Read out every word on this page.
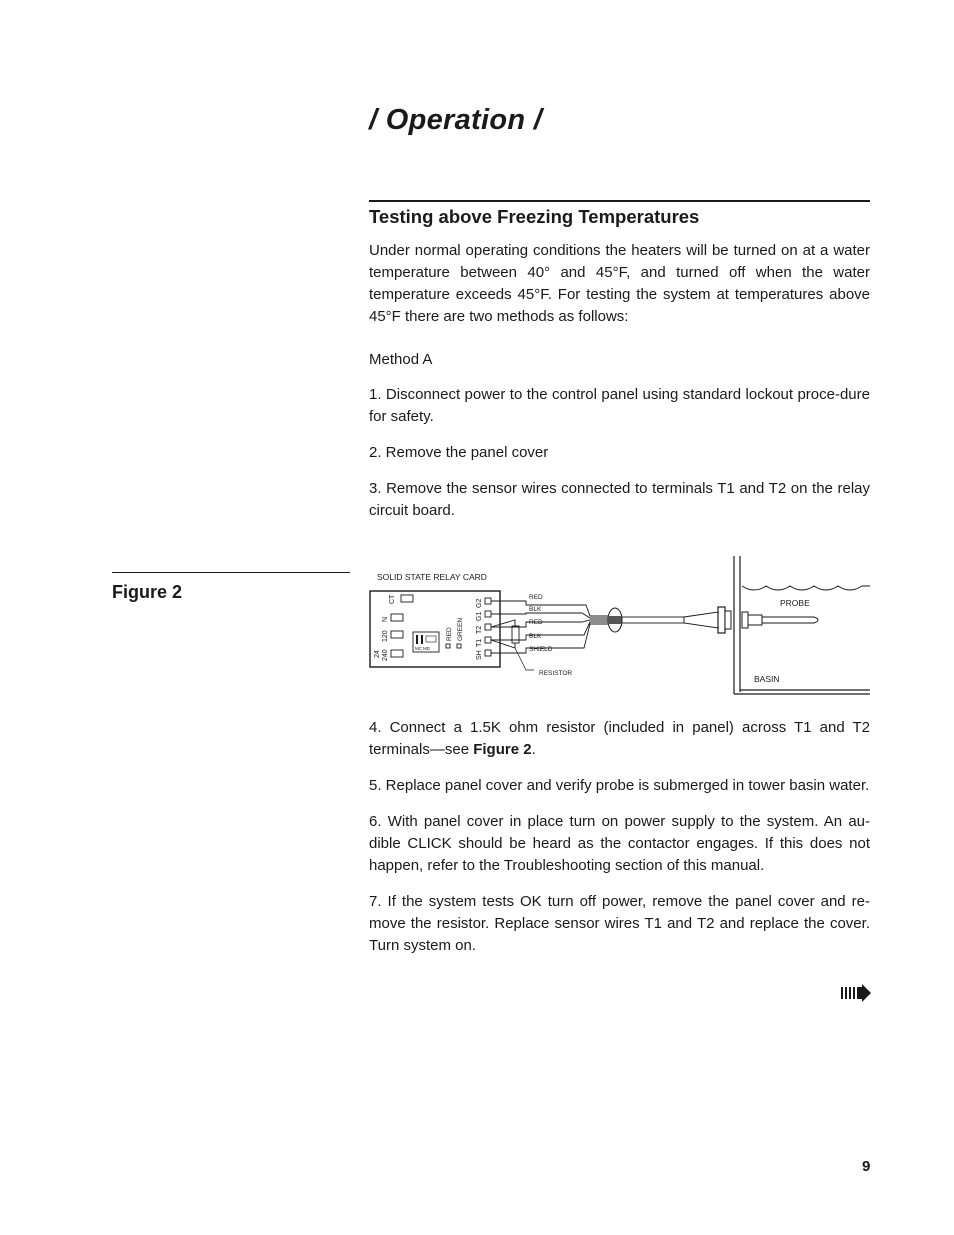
/ Operation /
Testing above Freezing Temperatures

Under normal operating conditions the heaters will be turned on at a water temperature between 40° and 45°F, and turned off when the water temperature exceeds 45°F. For testing the system at temperatures above 45°F there are two methods as follows:

Method A

1. Disconnect power to the control panel using standard lockout proce-dure for safety.

2. Remove the panel cover

3. Remove the sensor wires connected to terminals T1 and T2 on the relay circuit board.

Figure 2
SOLID STATE RELAY CARD
CT
N
120
24 240
MC MD
RED GREEN
G2
G1
T2
T1
SH
RESISTOR
RED
BLK
RED
BLK
SHIELD
PROBE
BASIN

4. Connect a 1.5K ohm resistor (included in panel) across T1 and T2 terminals—see Figure 2.

5. Replace panel cover and verify probe is submerged in tower basin water.

6. With panel cover in place turn on power supply to the system. An au-dible CLICK should be heard as the contactor engages. If this does not happen, refer to the Troubleshooting section of this manual.

7. If the system tests OK turn off power, remove the panel cover and re-move the resistor. Replace sensor wires T1 and T2 and replace the cover. Turn system on.

9
